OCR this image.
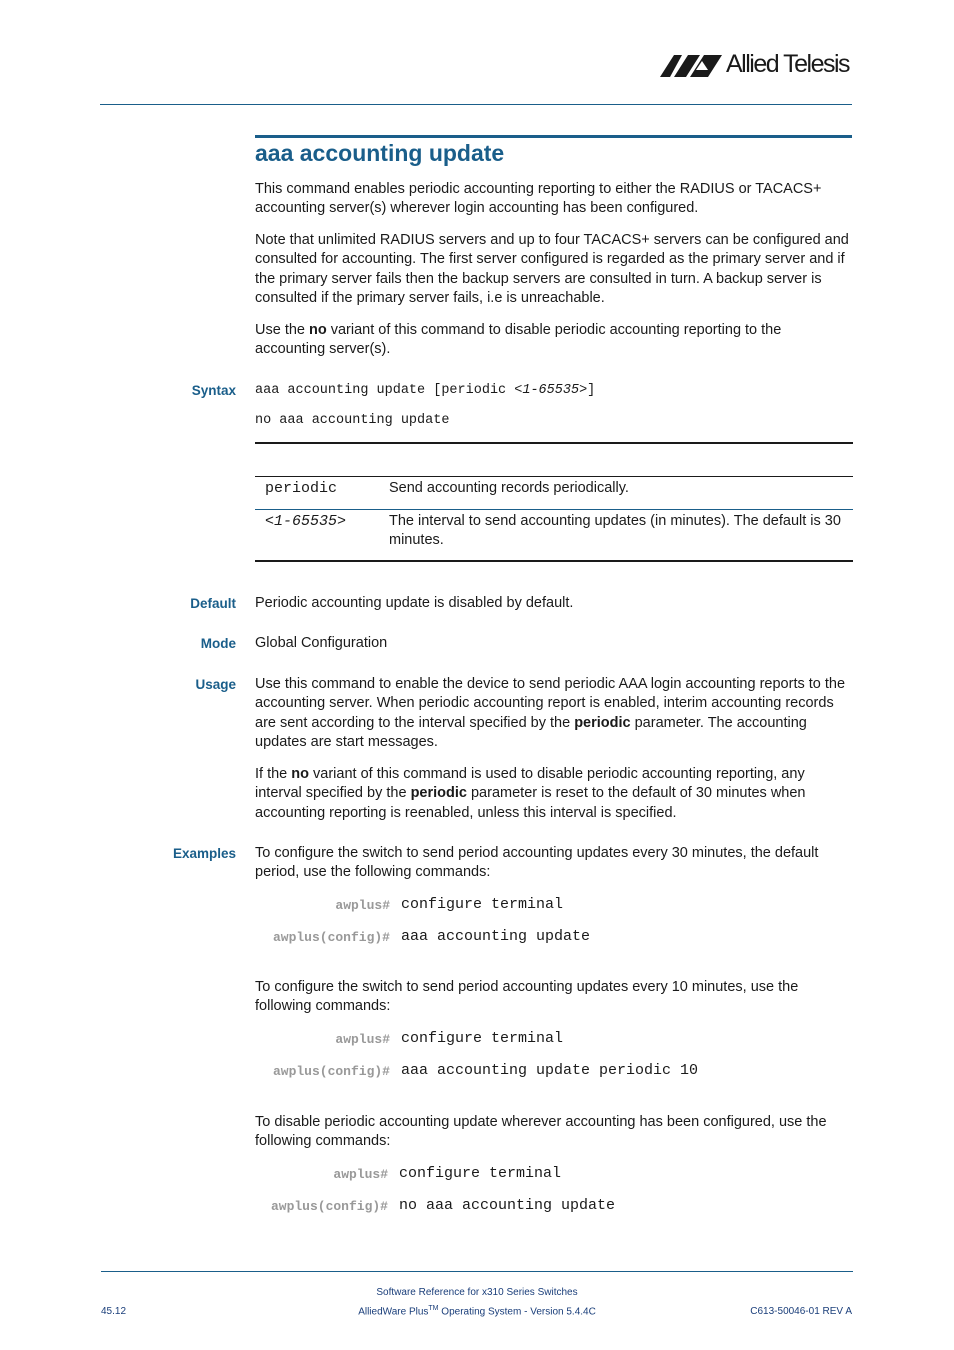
Allied Telesis
aaa accounting update
This command enables periodic accounting reporting to either the RADIUS or TACACS+ accounting server(s) wherever login accounting has been configured.
Note that unlimited RADIUS servers and up to four TACACS+ servers can be configured and consulted for accounting. The first server configured is regarded as the primary server and if the primary server fails then the backup servers are consulted in turn. A backup server is consulted if the primary server fails, i.e is unreachable.
Use the no variant of this command to disable periodic accounting reporting to the accounting server(s).
Syntax aaa accounting update [periodic <1-65535>]
no aaa accounting update
periodic	Send accounting records periodically.
<1-65535>	The interval to send accounting updates (in minutes). The default is 30 minutes.
Default Periodic accounting update is disabled by default.
Mode Global Configuration
Usage Use this command to enable the device to send periodic AAA login accounting reports to the accounting server. When periodic accounting report is enabled, interim accounting records are sent according to the interval specified by the periodic parameter. The accounting updates are start messages.
If the no variant of this command is used to disable periodic accounting reporting, any interval specified by the periodic parameter is reset to the default of 30 minutes when accounting reporting is reenabled, unless this interval is specified.
Examples To configure the switch to send period accounting updates every 30 minutes, the default period, use the following commands:
awplus# configure terminal
awplus(config)# aaa accounting update
To configure the switch to send period accounting updates every 10 minutes, use the following commands:
awplus# configure terminal
awplus(config)# aaa accounting update periodic 10
To disable periodic accounting update wherever accounting has been configured, use the following commands:
awplus# configure terminal
awplus(config)# no aaa accounting update
Software Reference for x310 Series Switches
AlliedWare Plus™ Operating System - Version 5.4.4C
45.12	C613-50046-01 REV A
